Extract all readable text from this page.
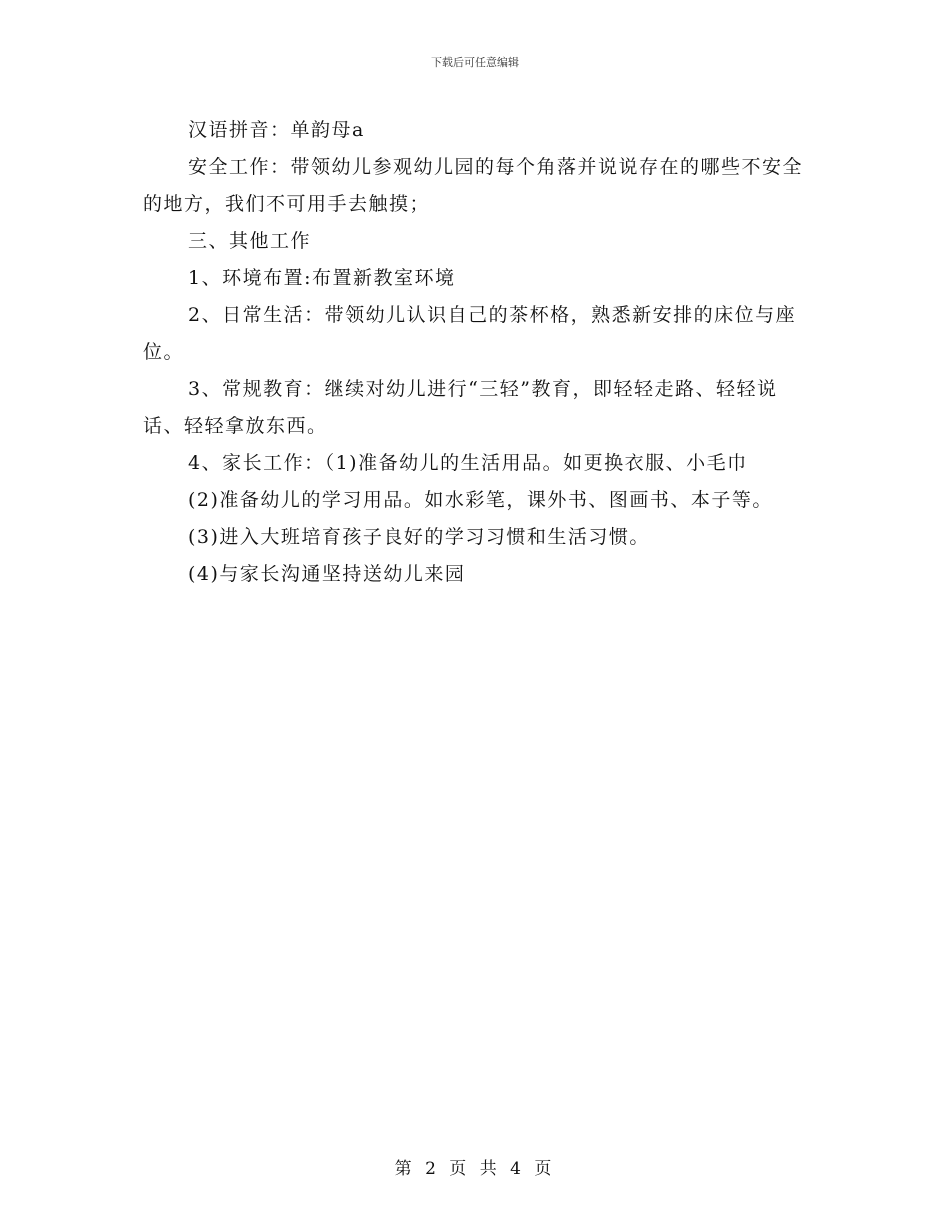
下载后可任意编辑

汉语拼音：单韵母a

安全工作：带领幼儿参观幼儿园的每个角落并说说存在的哪些不安全的地方，我们不可用手去触摸；

三、其他工作

1、环境布置:布置新教室环境

2、日常生活：带领幼儿认识自己的茶杯格，熟悉新安排的床位与座位。

3、常规教育：继续对幼儿进行“三轻”教育，即轻轻走路、轻轻说话、轻轻拿放东西。

4、家长工作：（1)准备幼儿的生活用品。如更换衣服、小毛巾

(2)准备幼儿的学习用品。如水彩笔，课外书、图画书、本子等。

(3)进入大班培育孩子良好的学习习惯和生活习惯。

(4)与家长沟通坚持送幼儿来园

第 2 页 共 4 页
